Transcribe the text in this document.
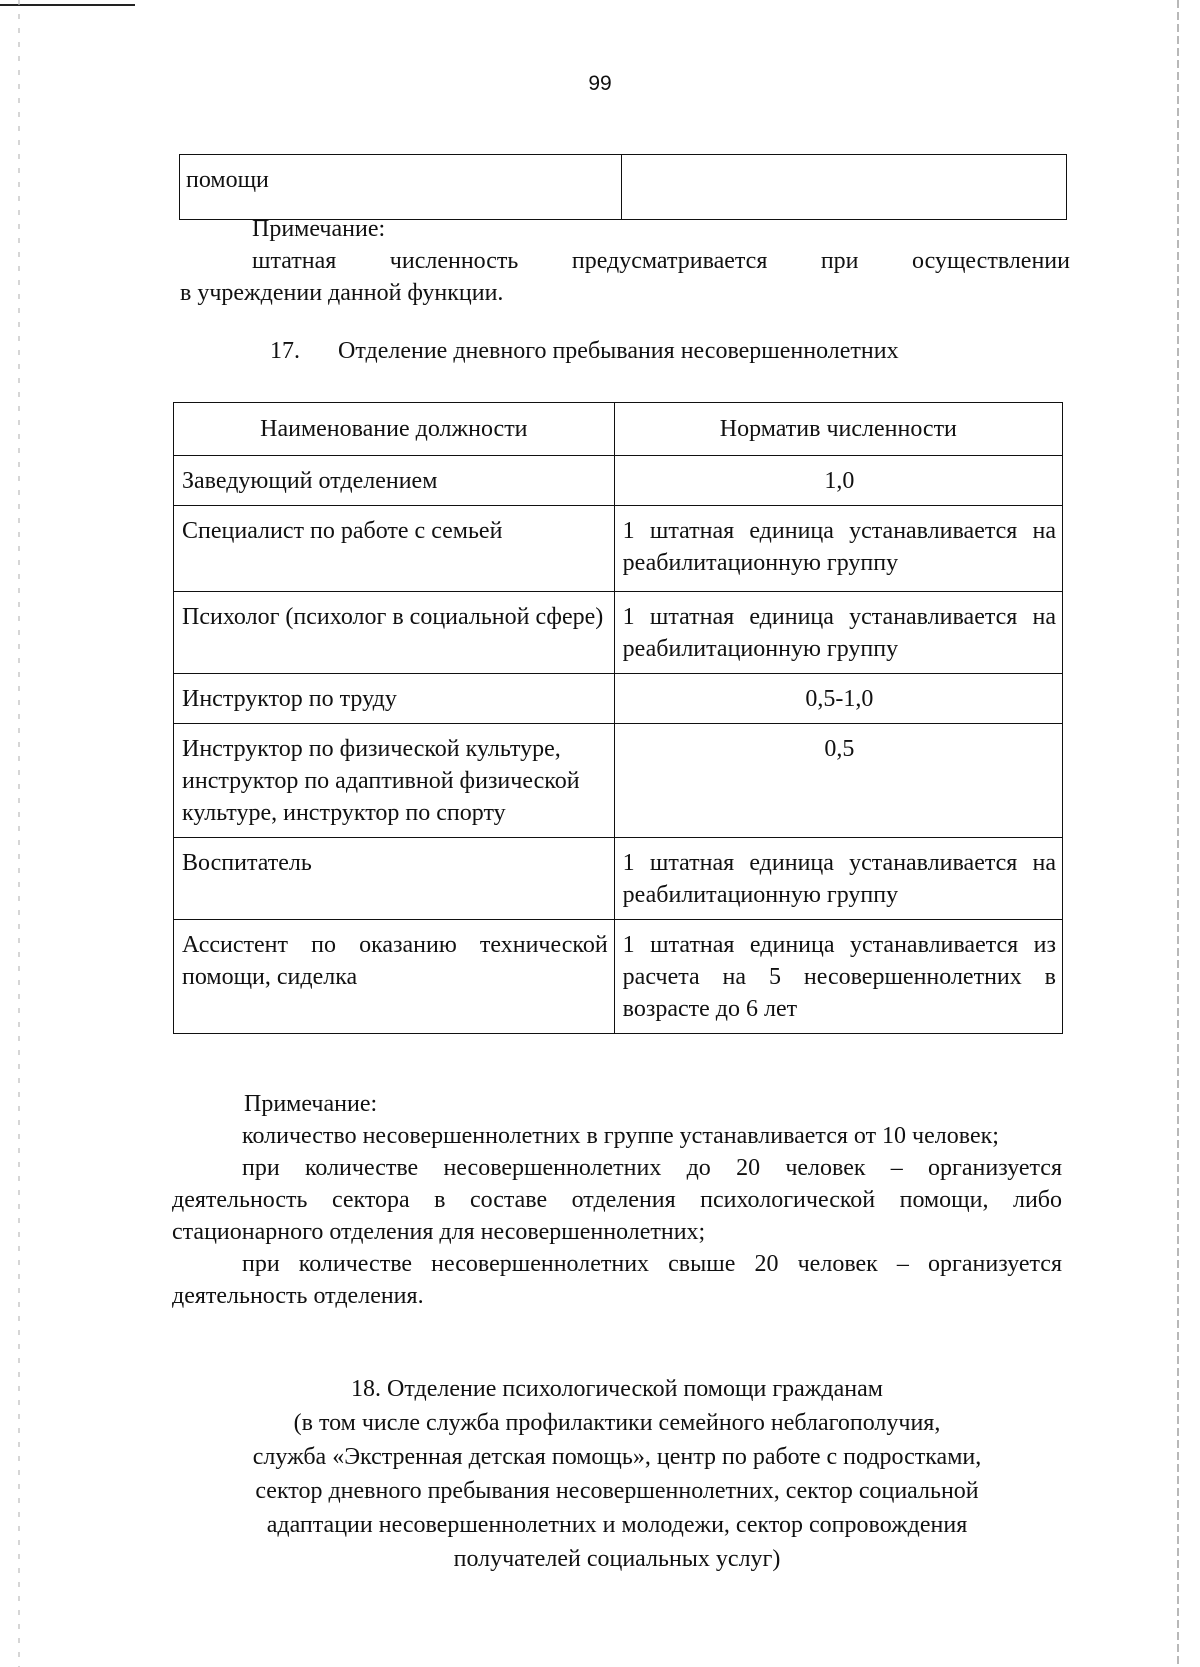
99
помощи	
Примечание:
штатная численность предусматривается при осуществлении
в учреждении данной функции.
17. Отделение дневного пребывания несовершеннолетних
Наименование должности	Норматив численности
Заведующий отделением	1,0
Специалист по работе с семьей	1 штатная единица устанавливается на реабилитационную группу
Психолог (психолог в социальной сфере)	1 штатная единица устанавливается на реабилитационную группу
Инструктор по труду	0,5-1,0
Инструктор по физической культуре, инструктор по адаптивной физической культуре, инструктор по спорту	0,5
Воспитатель	1 штатная единица устанавливается на реабилитационную группу
Ассистент по оказанию технической помощи, сиделка	1 штатная единица устанавливается из расчета на 5 несовершеннолетних в возрасте до 6 лет

Примечание:

количество несовершеннолетних в группе устанавливается от 10 человек;

при количестве несовершеннолетних до 20 человек – организуется деятельность сектора в составе отделения психологической помощи, либо стационарного отделения для несовершеннолетних;

при количестве несовершеннолетних свыше 20 человек – организуется деятельность отделения.

18. Отделение психологической помощи гражданам

(в том числе служба профилактики семейного неблагополучия,

служба «Экстренная детская помощь», центр по работе с подростками,

сектор дневного пребывания несовершеннолетних, сектор социальной

адаптации несовершеннолетних и молодежи, сектор сопровождения

получателей социальных услуг)
